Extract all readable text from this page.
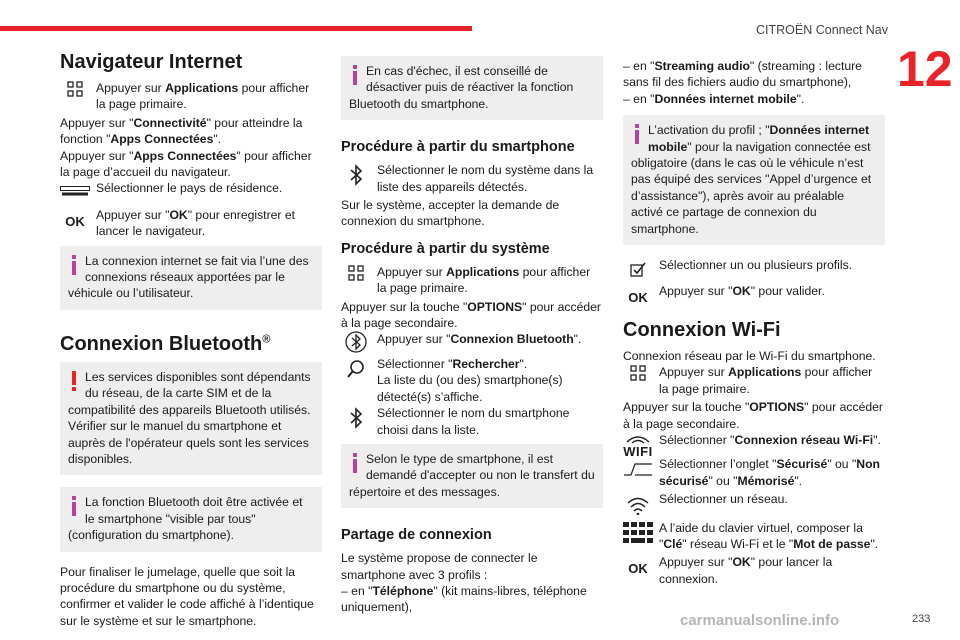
CITROËN Connect Nav
12
233
carmanualsonline.info
Navigateur Internet
Appuyer sur Applications pour afficher la page primaire.
Appuyer sur "Connectivité" pour atteindre la fonction "Apps Connectées".
Appuyer sur "Apps Connectées" pour afficher la page d’accueil du navigateur.
Sélectionner le pays de résidence.
OK Appuyer sur "OK" pour enregistrer et lancer le navigateur.
La connexion internet se fait via l’une des connexions réseaux apportées par le véhicule ou l’utilisateur.
Connexion Bluetooth®
Les services disponibles sont dépendants du réseau, de la carte SIM et de la compatibilité des appareils Bluetooth utilisés. Vérifier sur le manuel du smartphone et auprès de l'opérateur quels sont les services disponibles.
La fonction Bluetooth doit être activée et le smartphone "visible par tous" (configuration du smartphone).
Pour finaliser le jumelage, quelle que soit la procédure du smartphone ou du système, confirmer et valider le code affiché à l’identique sur le système et sur le smartphone.
En cas d'échec, il est conseillé de désactiver puis de réactiver la fonction Bluetooth du smartphone.
Procédure à partir du smartphone
Sélectionner le nom du système dans la liste des appareils détectés.
Sur le système, accepter la demande de connexion du smartphone.
Procédure à partir du système
Appuyer sur Applications pour afficher la page primaire.
Appuyer sur la touche "OPTIONS" pour accéder à la page secondaire.
Appuyer sur "Connexion Bluetooth".
Sélectionner "Rechercher".
La liste du (ou des) smartphone(s) détecté(s) s’affiche.
Sélectionner le nom du smartphone choisi dans la liste.
Selon le type de smartphone, il est demandé d'accepter ou non le transfert du répertoire et des messages.
Partage de connexion
Le système propose de connecter le smartphone avec 3 profils :
– en "Téléphone" (kit mains-libres, téléphone uniquement),
– en "Streaming audio" (streaming : lecture sans fil des fichiers audio du smartphone),
– en "Données internet mobile".
L’activation du profil ; "Données internet mobile" pour la navigation connectée est obligatoire (dans le cas où le véhicule n’est pas équipé des services "Appel d’urgence et d’assistance"), après avoir au préalable activé ce partage de connexion du smartphone.
Sélectionner un ou plusieurs profils.
OK Appuyer sur "OK" pour valider.
Connexion Wi-Fi
Connexion réseau par le Wi-Fi du smartphone.
Appuyer sur Applications pour afficher la page primaire.
Appuyer sur la touche "OPTIONS" pour accéder à la page secondaire.
WIFI
Sélectionner "Connexion réseau Wi-Fi".
Sélectionner l’onglet "Sécurisé" ou "Non sécurisé" ou "Mémorisé".
Sélectionner un réseau.
A l’aide du clavier virtuel, composer la "Clé" réseau Wi-Fi et le "Mot de passe".
OK Appuyer sur "OK" pour lancer la connexion.
